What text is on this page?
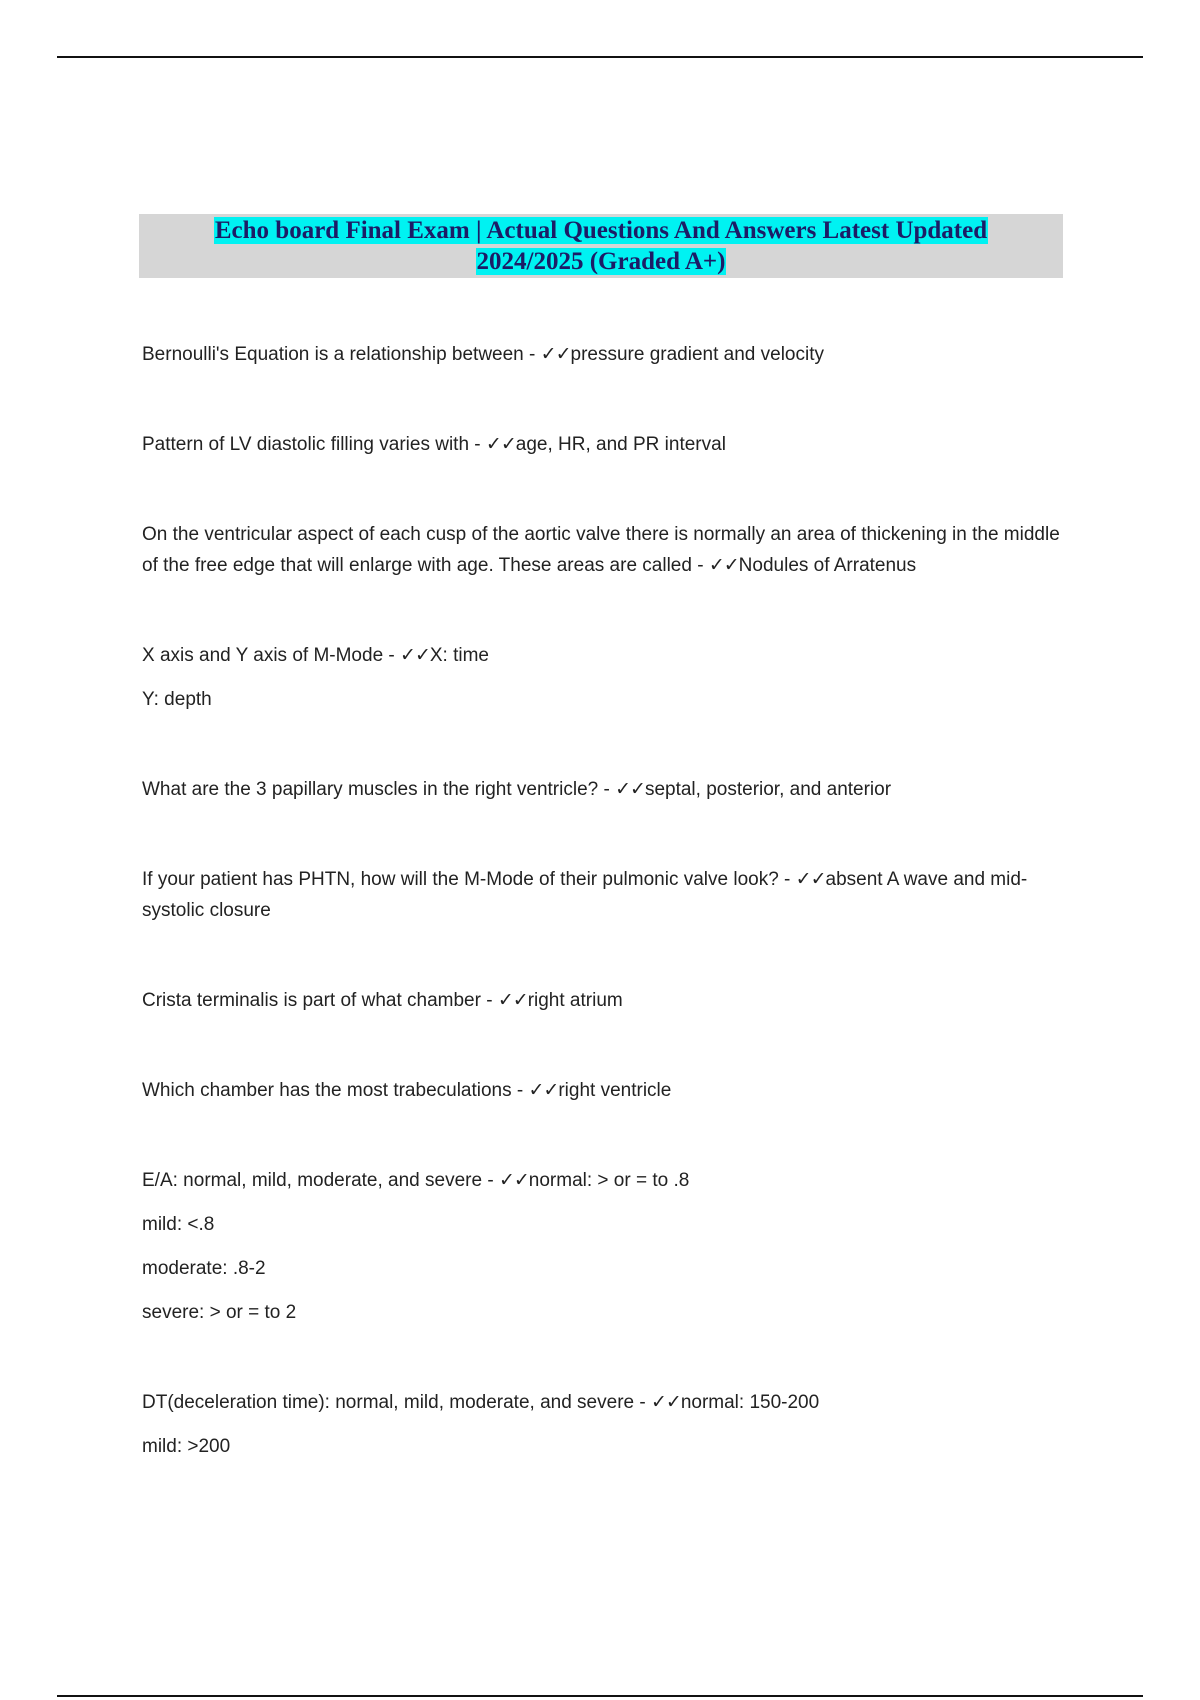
Echo board Final Exam | Actual Questions And Answers Latest Updated
2024/2025 (Graded A+)

Bernoulli's Equation is a relationship between - ✓✓pressure gradient and velocity

Pattern of LV diastolic filling varies with - ✓✓age, HR, and PR interval

On the ventricular aspect of each cusp of the aortic valve there is normally an area of thickening in the middle of the free edge that will enlarge with age. These areas are called - ✓✓Nodules of Arratenus

X axis and Y axis of M-Mode - ✓✓X: time
Y: depth

What are the 3 papillary muscles in the right ventricle? - ✓✓septal, posterior, and anterior

If your patient has PHTN, how will the M-Mode of their pulmonic valve look? - ✓✓absent A wave and mid-systolic closure

Crista terminalis is part of what chamber - ✓✓right atrium

Which chamber has the most trabeculations - ✓✓right ventricle

E/A: normal, mild, moderate, and severe - ✓✓normal: > or = to .8
mild: <.8
moderate: .8-2
severe: > or = to 2

DT(deceleration time): normal, mild, moderate, and severe - ✓✓normal: 150-200
mild: >200
